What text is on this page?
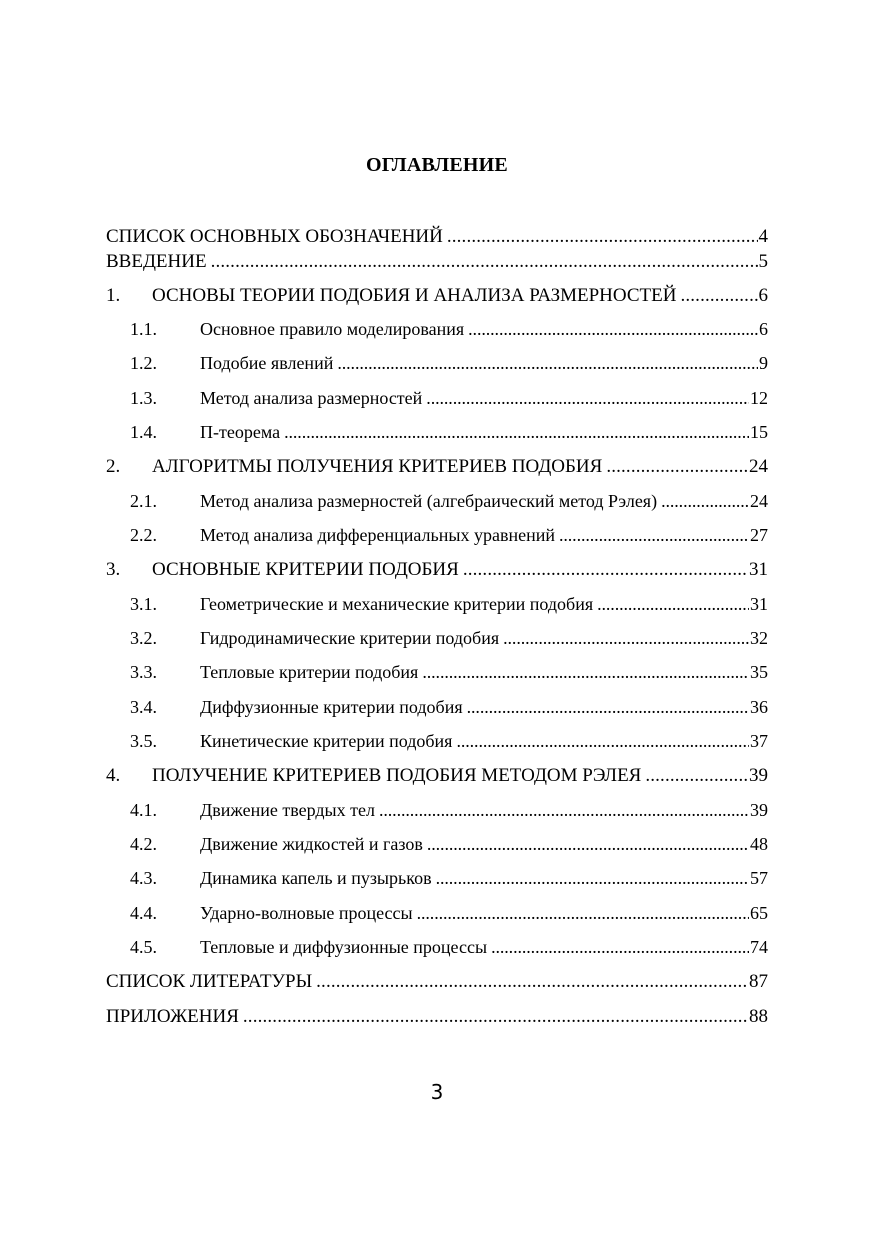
ОГЛАВЛЕНИЕ
СПИСОК ОСНОВНЫХ ОБОЗНАЧЕНИЙ . . .	4
ВВЕДЕНИЕ . . .	5
1.	ОСНОВЫ ТЕОРИИ ПОДОБИЯ И АНАЛИЗА РАЗМЕРНОСТЕЙ . . .	6
1.1.	Основное правило моделирования . . .	6
1.2.	Подобие явлений . . .	9
1.3.	Метод анализа размерностей . . .	12
1.4.	П-теорема . . .	15
2.	АЛГОРИТМЫ ПОЛУЧЕНИЯ КРИТЕРИЕВ ПОДОБИЯ . . .	24
2.1.	Метод анализа размерностей (алгебраический метод Рэлея) . . .	24
2.2.	Метод анализа дифференциальных уравнений . . .	27
3.	ОСНОВНЫЕ КРИТЕРИИ ПОДОБИЯ . . .	31
3.1.	Геометрические и механические критерии подобия . . .	31
3.2.	Гидродинамические критерии подобия . . .	32
3.3.	Тепловые критерии подобия . . .	35
3.4.	Диффузионные критерии подобия . . .	36
3.5.	Кинетические критерии подобия . . .	37
4.	ПОЛУЧЕНИЕ КРИТЕРИЕВ ПОДОБИЯ МЕТОДОМ РЭЛЕЯ . . .	39
4.1.	Движение твердых тел . . .	39
4.2.	Движение жидкостей и газов . . .	48
4.3.	Динамика капель и пузырьков . . .	57
4.4.	Ударно-волновые процессы . . .	65
4.5.	Тепловые и диффузионные процессы . . .	74
СПИСОК ЛИТЕРАТУРЫ . . .	87
ПРИЛОЖЕНИЯ . . .	88
3
